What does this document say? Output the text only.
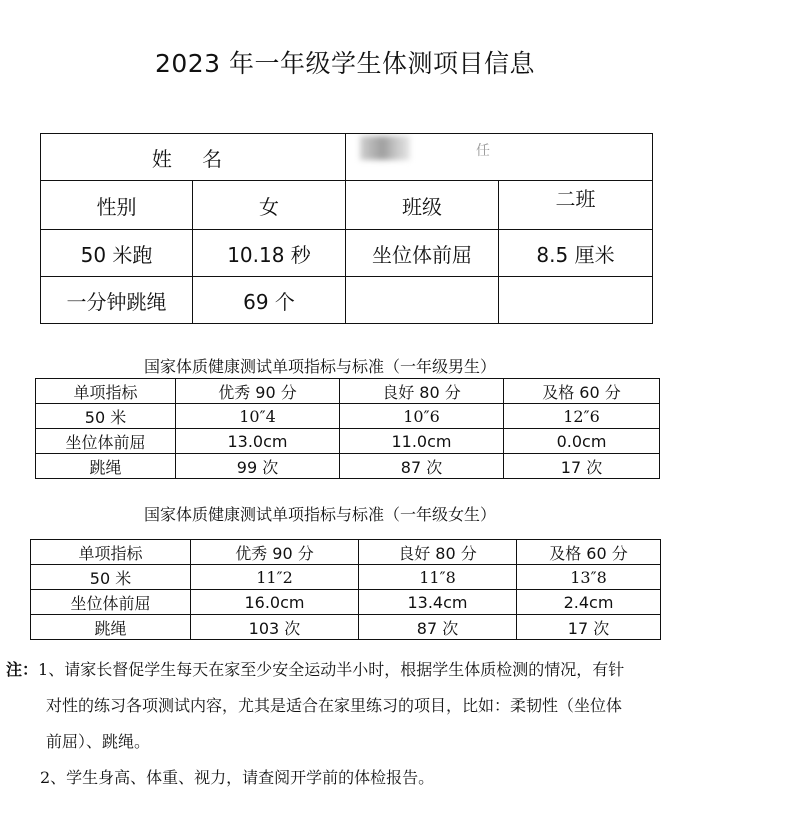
2023 年一年级学生体测项目信息
姓 名		任	
性别	女	班级	二班
50 米跑	10.18 秒	坐位体前屈	8.5 厘米
一分钟跳绳	69 个		
国家体质健康测试单项指标与标准（一年级男生）
单项指标	优秀 90 分	良好 80 分	及格 60 分
50 米	10″4	10″6	12″6
坐位体前屈	13.0cm	11.0cm	0.0cm
跳绳	99 次	87 次	17 次
国家体质健康测试单项指标与标准（一年级女生）
单项指标	优秀 90 分	良好 80 分	及格 60 分
50 米	11″2	11″8	13″8
坐位体前屈	16.0cm	13.4cm	2.4cm
跳绳	103 次	87 次	17 次
注：1、请家长督促学生每天在家至少安全运动半小时，根据学生体质检测的情况，有针
对性的练习各项测试内容，尤其是适合在家里练习的项目，比如：柔韧性（坐位体
前屈）、跳绳。
2、学生身高、体重、视力，请查阅开学前的体检报告。
